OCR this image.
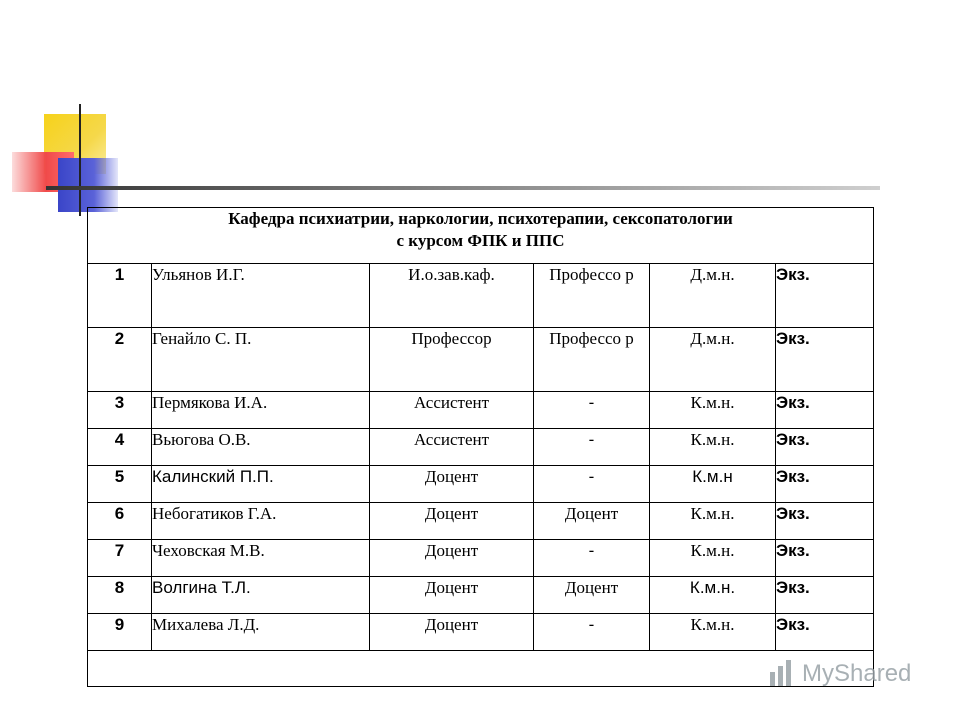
Кафедра психиатрии, наркологии, психотерапии, сексопатологии
с курсом ФПК и ППС					

1	Ульянов И.Г.	И.о.зав.каф.	Профессо р	Д.м.н.	Экз.
2	Генайло С. П.	Профессор	Профессо р	Д.м.н.	Экз.
3	Пермякова И.А.	Ассистент	-	К.м.н.	Экз.
4	Вьюгова О.В.	Ассистент	-	К.м.н.	Экз.
5	Калинский П.П.	Доцент	-	К.м.н	Экз.
6	Небогатиков Г.А.	Доцент	Доцент	К.м.н.	Экз.
7	Чеховская М.В.	Доцент	-	К.м.н.	Экз.
8	Волгина Т.Л.	Доцент	Доцент	К.м.н.	Экз.
9	Михалева Л.Д.	Доцент	-	К.м.н.	Экз.

MyShared
